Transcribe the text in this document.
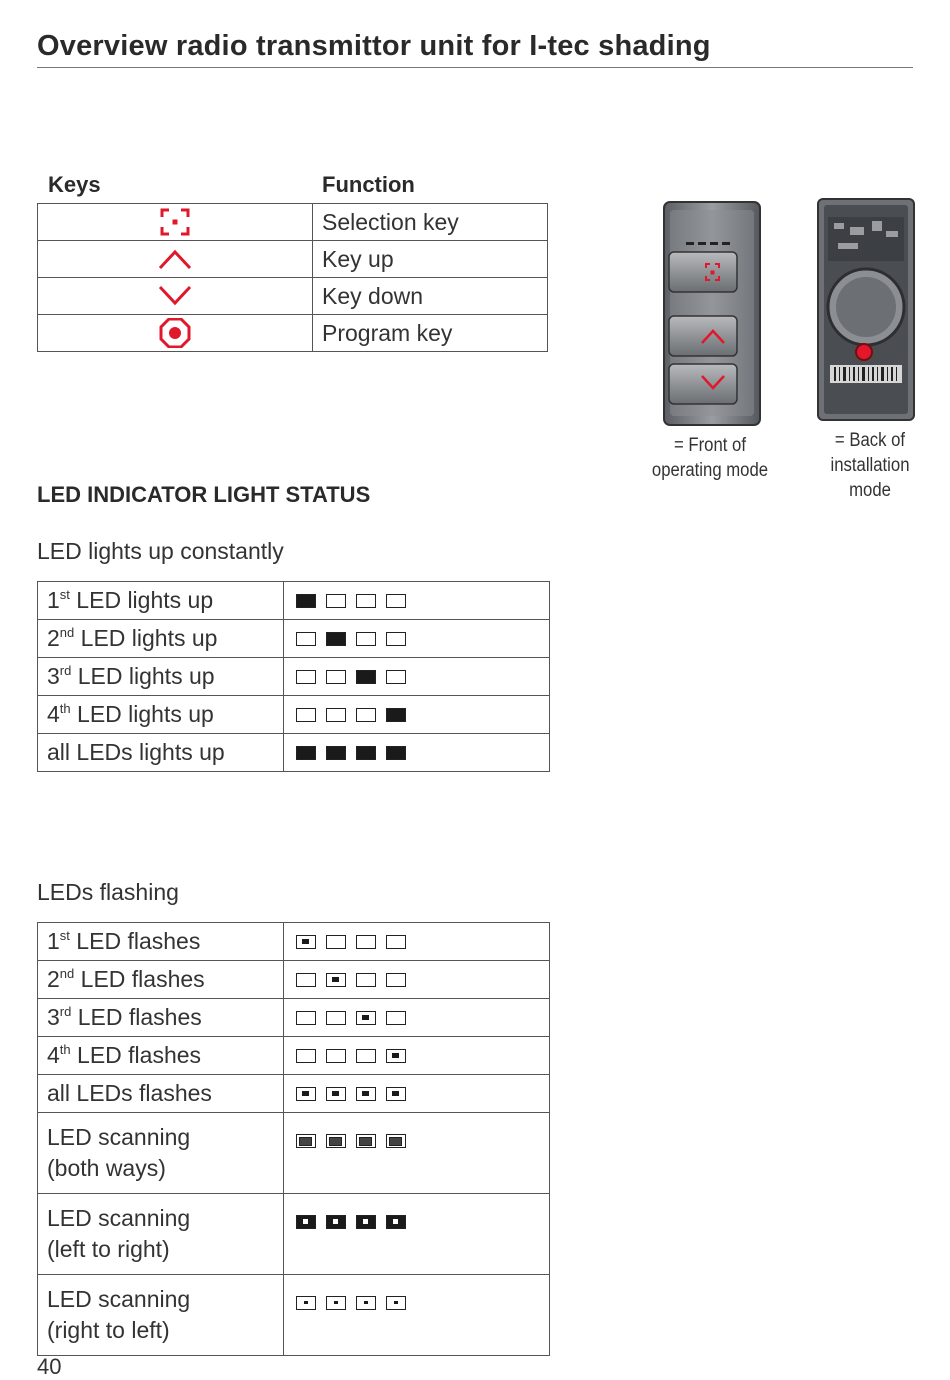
Overview radio transmittor unit for I-tec shading
Keys	Function
	Selection key
	Key up
	Key down
	Program key
= Front of
operating mode
= Back of
installation
mode
LED INDICATOR LIGHT STATUS
LED lights up constantly
1st LED lights up	

2nd LED lights up	

3rd LED lights up	

4th LED lights up	

all LEDs lights up	
LEDs flashing
1st LED flashes	

2nd LED flashes	

3rd LED flashes	

4th LED flashes	

all LEDs flashes	

LED scanning
(both ways)	

LED scanning
(left to right)	

LED scanning
(right to left)	

40
